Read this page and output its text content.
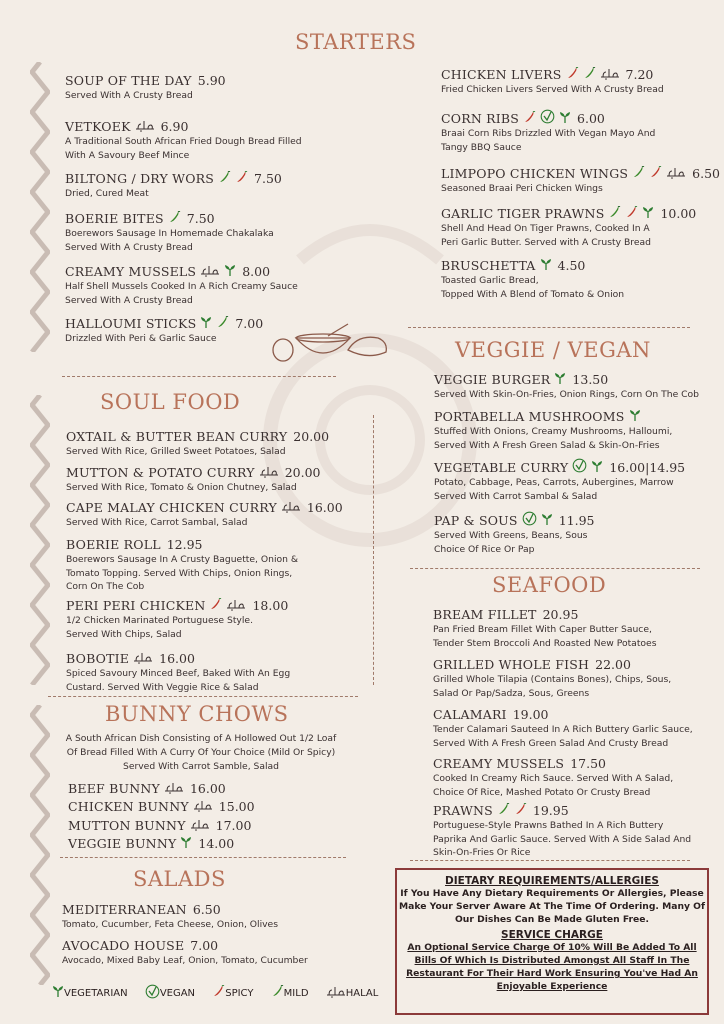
STARTERS
SOUL FOOD
BUNNY CHOWS
SALADS
VEGGIE / VEGAN
SEAFOOD
SOUP OF THE DAY 5.90
Served With A Crusty Bread
VETKOEK 6.90
A Traditional South African Fried Dough Bread Filled
With A Savoury Beef Mince
BILTONG / DRY WORS	7.50
Dried, Cured Meat
BOERIE BITES 7.50
Boerewors Sausage In Homemade Chakalaka
Served With A Crusty Bread
CREAMY MUSSELS	8.00
Half Shell Mussels Cooked In A Rich Creamy Sauce
Served With A Crusty Bread
HALLOUMI STICKS	7.00
Drizzled With Peri & Garlic Sauce
CHICKEN LIVERS	7.20
Fried Chicken Livers Served With A Crusty Bread
CORN RIBS	6.00
Braai Corn Ribs Drizzled With Vegan Mayo And
Tangy BBQ Sauce
LIMPOPO CHICKEN WINGS	6.50
Seasoned Braai Peri Chicken Wings
GARLIC TIGER PRAWNS	10.00
Shell And Head On Tiger Prawns, Cooked In A
Peri Garlic Butter. Served with A Crusty Bread
BRUSCHETTA 4.50
Toasted Garlic Bread,
Topped With A Blend of Tomato & Onion
OXTAIL & BUTTER BEAN CURRY 20.00
Served With Rice, Grilled Sweet Potatoes, Salad
MUTTON & POTATO CURRY 20.00
Served With Rice, Tomato & Onion Chutney, Salad
CAPE MALAY CHICKEN CURRY 16.00
Served With Rice, Carrot Sambal, Salad
BOERIE ROLL 12.95
Boerewors Sausage In A Crusty Baguette, Onion &
Tomato Topping. Served With Chips, Onion Rings,
Corn On The Cob
PERI PERI CHICKEN	18.00
1/2 Chicken Marinated Portuguese Style.
Served With Chips, Salad
BOBOTIE 16.00
Spiced Savoury Minced Beef, Baked With An Egg
Custard. Served With Veggie Rice & Salad
A South African Dish Consisting of A Hollowed Out 1/2 Loaf
Of Bread Filled With A Curry Of Your Choice (Mild Or Spicy)
Served With Carrot Samble, Salad
BEEF BUNNY 16.00
CHICKEN BUNNY 15.00
MUTTON BUNNY 17.00
VEGGIE BUNNY 14.00
MEDITERRANEAN 6.50
Tomato, Cucumber, Feta Cheese, Onion, Olives
AVOCADO HOUSE 7.00
Avocado, Mixed Baby Leaf, Onion, Tomato, Cucumber
VEGGIE BURGER 13.50
Served With Skin-On-Fries, Onion Rings, Corn On The Cob
PORTABELLA MUSHROOMS
Stuffed With Onions, Creamy Mushrooms, Halloumi,
Served With A Fresh Green Salad & Skin-On-Fries
VEGETABLE CURRY	16.00|14.95
Potato, Cabbage, Peas, Carrots, Aubergines, Marrow
Served With Carrot Sambal & Salad
PAP & SOUS	11.95
Served With Greens, Beans, Sous
Choice Of Rice Or Pap
BREAM FILLET 20.95
Pan Fried Bream Fillet With Caper Butter Sauce,
Tender Stem Broccoli And Roasted New Potatoes
GRILLED WHOLE FISH 22.00
Grilled Whole Tilapia (Contains Bones), Chips, Sous,
Salad Or Pap/Sadza, Sous, Greens
CALAMARI 19.00
Tender Calamari Sauteed In A Rich Buttery Garlic Sauce,
Served With A Fresh Green Salad And Crusty Bread
CREAMY MUSSELS 17.50
Cooked In Creamy Rich Sauce. Served With A Salad,
Choice Of Rice, Mashed Potato Or Crusty Bread
PRAWNS	19.95
Portuguese-Style Prawns Bathed In A Rich Buttery
Paprika And Garlic Sauce. Served With A Side Salad And
Skin-On-Fries Or Rice
DIETARY REQUIREMENTS/ALLERGIES
If You Have Any Dietary Requirements Or Allergies, Please
Make Your Server Aware At The Time Of Ordering. Many Of
Our Dishes Can Be Made Gluten Free.
SERVICE CHARGE
An Optional Service Charge Of 10% Will Be Added To All
Bills Of Which Is Distributed Amongst All Staff In The
Restaurant For Their Hard Work Ensuring You've Had An
Enjoyable Experience
VEGETARIAN	VEGAN	SPICY	MILD	HALAL
